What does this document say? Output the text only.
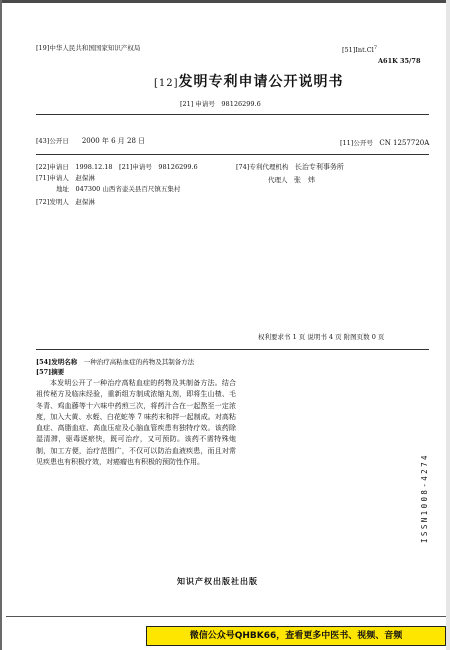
[19]中华人民共和国国家知识产权局	[51]Int.Cl$^7$
A61K 35/78
[12]发明专利申请公开说明书
[21] 申请号　 98126299.6
[43]公开日　　 2000 年 6 月 28 日	[11]公开号　 CN 1257720A
[22]申请日　1998.12.18　[21]申请号　98126299.6
[71]申请人　 赵保淋
地址　 047300 山西省壶关县百尺镇五集村
[72]发明人　 赵保淋
[74]专利代理机构　 长治专利事务所
代理人　 张　炜
权利要求书 1 页 说明书 4 页 附图页数 0 页
[54]发明名称　 一种治疗高粘血症的药物及其制备方法
[57]摘要
本发明公开了一种治疗高粘血症的药物及其制备方法。结合祖传秘方及临床经验，重新组方制成浓缩丸剂，即将生山楂、毛冬青、鸡血藤等十六味中药煎三次，将药汁合在一起熬至一定浓度，加入大黄、水蛭、白花蛇等 7 味药末和拌一起制成。对高粘血症、高脂血症、高血压症及心脑血管疾患有独特疗效。该药除湿清滞，驱毒逐瘀快，既可治疗，又可预防。该药不需特殊炮制，加工方便，治疗范围广，不仅可以防治血液疾患，而且对常见疾患也有积极疗效，对癌瘤也有积极的预防性作用。	ISSN1008-4274
知识产权出版社出版
微信公众号QHBK66，查看更多中医书、视频、音频
